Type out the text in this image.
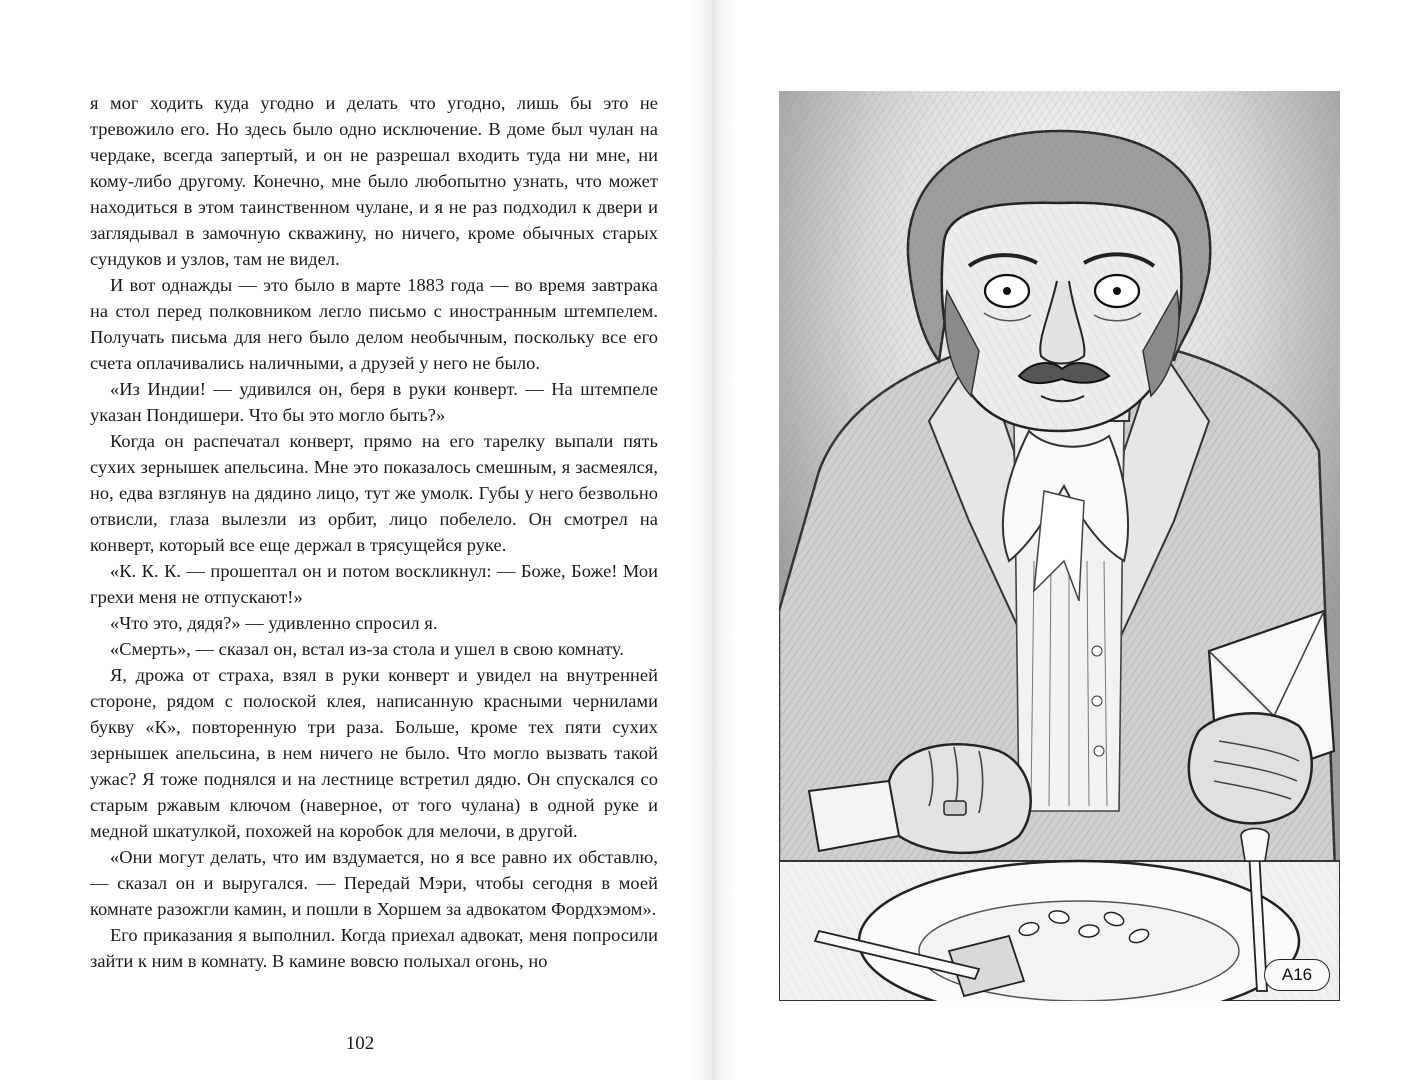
я мог ходить куда угодно и делать что угодно, лишь бы это не тревожило его. Но здесь было одно исключение. В доме был чулан на чердаке, всегда запертый, и он не разрешал входить туда ни мне, ни кому-либо другому. Конечно, мне было любопытно узнать, что может находиться в этом таинственном чулане, и я не раз подходил к двери и заглядывал в замочную скважину, но ничего, кроме обычных старых сундуков и узлов, там не видел.

И вот однажды — это было в марте 1883 года — во время завтрака на стол перед полковником легло письмо с иностранным штемпелем. Получать письма для него было делом необычным, поскольку все его счета оплачивались наличными, а друзей у него не было.

«Из Индии! — удивился он, беря в руки конверт. — На штемпеле указан Пондишери. Что бы это могло быть?»

Когда он распечатал конверт, прямо на его тарелку выпали пять сухих зернышек апельсина. Мне это показалось смешным, я засмеялся, но, едва взглянув на дядино лицо, тут же умолк. Губы у него безвольно отвисли, глаза вылезли из орбит, лицо побелело. Он смотрел на конверт, который все еще держал в трясущейся руке.

«К. К. К. — прошептал он и потом воскликнул: — Боже, Боже! Мои грехи меня не отпускают!»

«Что это, дядя?» — удивленно спросил я.

«Смерть», — сказал он, встал из-за стола и ушел в свою комнату.

Я, дрожа от страха, взял в руки конверт и увидел на внутренней стороне, рядом с полоской клея, написанную красными чернилами букву «К», повторенную три раза. Больше, кроме тех пяти сухих зернышек апельсина, в нем ничего не было. Что могло вызвать такой ужас? Я тоже поднялся и на лестнице встретил дядю. Он спускался со старым ржавым ключом (наверное, от того чулана) в одной руке и медной шкатулкой, похожей на коробок для мелочи, в другой.

«Они могут делать, что им вздумается, но я все равно их обставлю, — сказал он и выругался. — Передай Мэри, чтобы сегодня в моей комнате разожгли камин, и пошли в Хоршем за адвокатом Фордхэмом».

Его приказания я выполнил. Когда приехал адвокат, меня попросили зайти к ним в комнату. В камине вовсю полыхал огонь, но

102
A16
